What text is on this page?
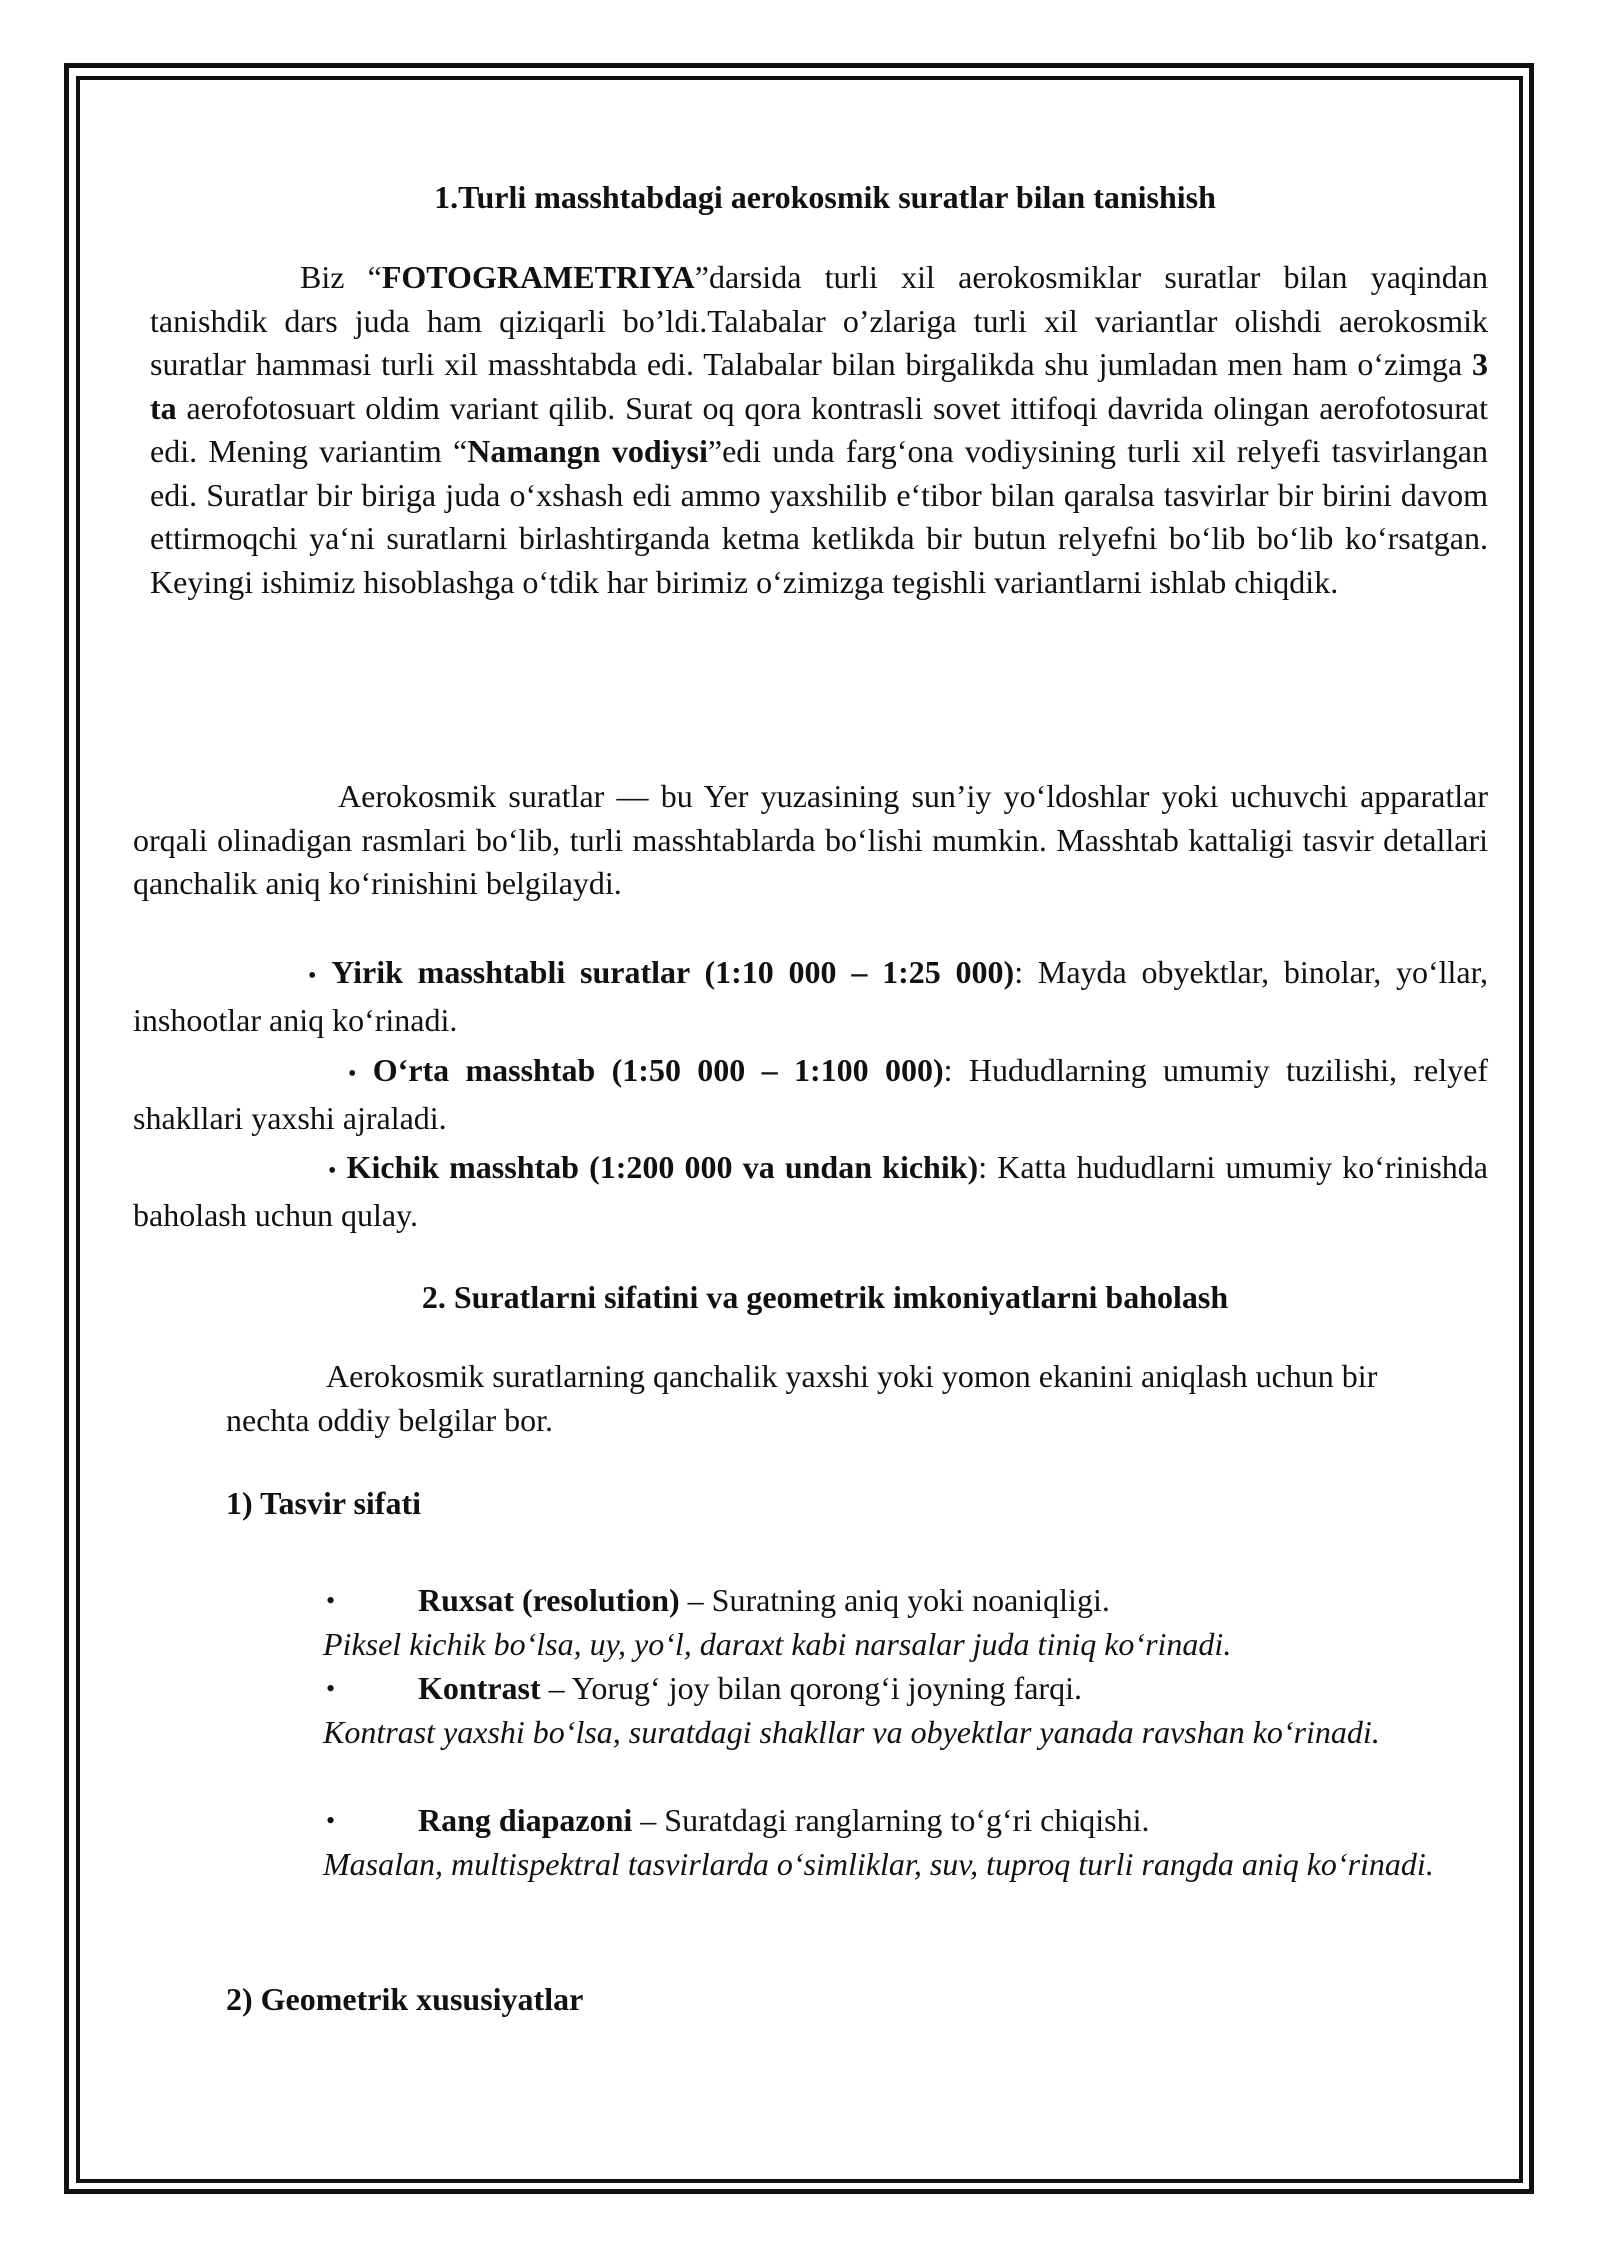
1.Turli masshtabdagi aerokosmik suratlar bilan tanishish

Biz “FOTOGRAMETRIYA”darsida turli xil aerokosmiklar suratlar bilan yaqindan tanishdik dars juda ham qiziqarli bo’ldi.Talabalar o’zlariga turli xil variantlar olishdi aerokosmik suratlar hammasi turli xil masshtabda edi. Talabalar bilan birgalikda shu jumladan men ham o‘zimga 3 ta aerofotosuart oldim variant qilib. Surat oq qora kontrasli sovet ittifoqi davrida olingan aerofotosurat edi. Mening variantim “Namangn vodiysi”edi unda farg‘ona vodiysining turli xil relyefi tasvirlangan edi. Suratlar bir biriga juda o‘xshash edi ammo yaxshilib e‘tibor bilan qaralsa tasvirlar bir birini davom ettirmoqchi ya‘ni suratlarni birlashtirganda ketma ketlikda bir butun relyefni bo‘lib bo‘lib ko‘rsatgan. Keyingi ishimiz hisoblashga o‘tdik har birimiz o‘zimizga tegishli variantlarni ishlab chiqdik.

Aerokosmik suratlar — bu Yer yuzasining sun’iy yo‘ldoshlar yoki uchuvchi apparatlar orqali olinadigan rasmlari bo‘lib, turli masshtablarda bo‘lishi mumkin. Masshtab kattaligi tasvir detallari qanchalik aniq ko‘rinishini belgilaydi.

• Yirik masshtabli suratlar (1:10 000 – 1:25 000): Mayda obyektlar, binolar, yo‘llar, inshootlar aniq ko‘rinadi.

• O‘rta masshtab (1:50 000 – 1:100 000): Hududlarning umumiy tuzilishi, relyef shakllari yaxshi ajraladi.

• Kichik masshtab (1:200 000 va undan kichik): Katta hududlarni umumiy ko‘rinishda baholash uchun qulay.

2. Suratlarni sifatini va geometrik imkoniyatlarni baholash

Aerokosmik suratlarning qanchalik yaxshi yoki yomon ekanini aniqlash uchun bir nechta oddiy belgilar bor.

1) Tasvir sifati
•	Ruxsat (resolution) – Suratning aniq yoki noaniqligi.
Piksel kichik bo‘lsa, uy, yo‘l, daraxt kabi narsalar juda tiniq ko‘rinadi.
•	Kontrast – Yorug‘ joy bilan qorong‘i joyning farqi.
Kontrast yaxshi bo‘lsa, suratdagi shakllar va obyektlar yanada ravshan ko‘rinadi.
•	Rang diapazoni – Suratdagi ranglarning to‘g‘ri chiqishi.
Masalan, multispektral tasvirlarda o‘simliklar, suv, tuproq turli rangda aniq ko‘rinadi.
2) Geometrik xususiyatlar
